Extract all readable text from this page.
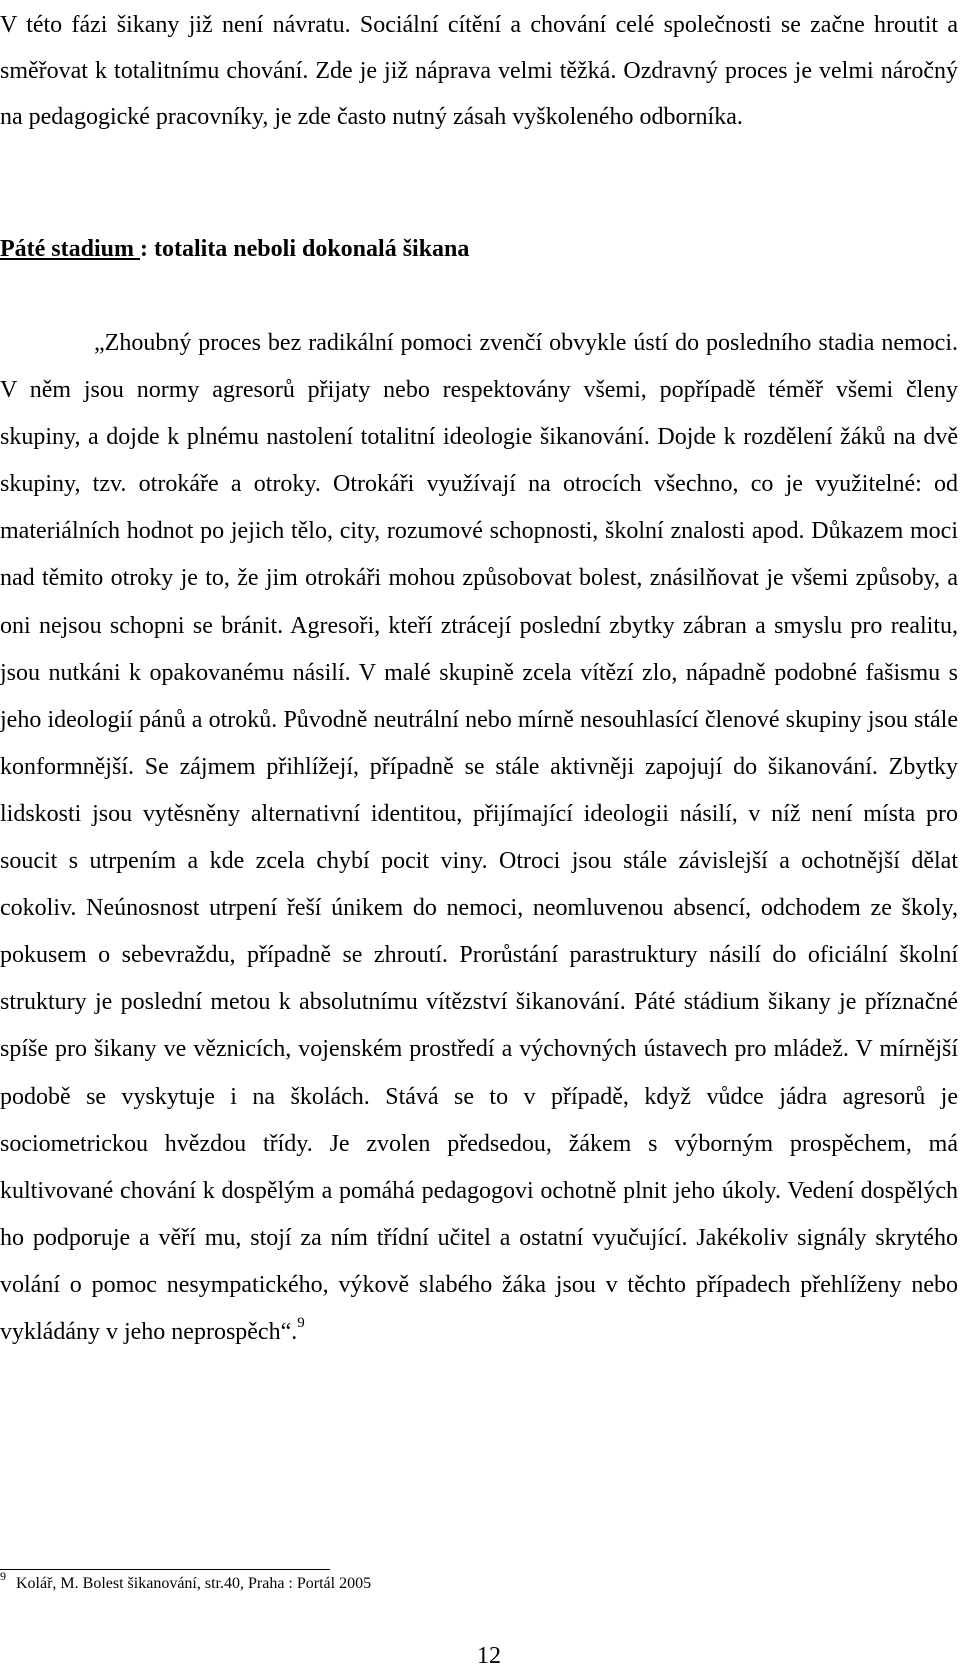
V této fázi šikany již není návratu. Sociální cítění a chování celé společnosti se začne hroutit a směřovat k totalitnímu chování. Zde je již náprava velmi těžká. Ozdravný proces je velmi náročný na pedagogické pracovníky, je zde často nutný zásah vyškoleného odborníka.

Páté stadium : totalita neboli dokonalá šikana

„Zhoubný proces bez radikální pomoci zvenčí obvykle ústí do posledního stadia nemoci. V něm jsou normy agresorů přijaty nebo respektovány všemi, popřípadě téměř všemi členy skupiny, a dojde k plnému nastolení totalitní ideologie šikanování. Dojde k rozdělení žáků na dvě skupiny, tzv. otrokáře a otroky. Otrokáři využívají na otrocích všechno, co je využitelné: od materiálních hodnot po jejich tělo, city, rozumové schopnosti, školní znalosti apod. Důkazem moci nad těmito otroky je to, že jim otrokáři mohou způsobovat bolest, znásilňovat je všemi způsoby, a oni nejsou schopni se bránit. Agresoři, kteří ztrácejí poslední zbytky zábran a smyslu pro realitu, jsou nutkáni k opakovanému násilí. V malé skupině zcela vítězí zlo, nápadně podobné fašismu s jeho ideologií pánů a otroků. Původně neutrální nebo mírně nesouhlasící členové skupiny jsou stále konformnější. Se zájmem přihlížejí, případně se stále aktivněji zapojují do šikanování. Zbytky lidskosti jsou vytěsněny alternativní identitou, přijímající ideologii násilí, v níž není místa pro soucit s utrpením a kde zcela chybí pocit viny. Otroci jsou stále závislejší a ochotnější dělat cokoliv. Neúnosnost utrpení řeší únikem do nemoci, neomluvenou absencí, odchodem ze školy, pokusem o sebevraždu, případně se zhroutí. Prorůstání parastruktury násilí do oficiální školní struktury je poslední metou k absolutnímu vítězství šikanování. Páté stádium šikany je příznačné spíše pro šikany ve věznicích, vojenském prostředí a výchovných ústavech pro mládež. V mírnější podobě se vyskytuje i na školách. Stává se to v případě, když vůdce jádra agresorů je sociometrickou hvězdou třídy. Je zvolen předsedou, žákem s výborným prospěchem, má kultivované chování k dospělým a pomáhá pedagogovi ochotně plnit jeho úkoly. Vedení dospělých ho podporuje a věří mu, stojí za ním třídní učitel a ostatní vyučující. Jakékoliv signály skrytého volání o pomoc nesympatického, výkově slabého žáka jsou v těchto případech přehlíženy nebo vykládány v jeho neprospěch“.$^9$

$^9$ Kolář, M. Bolest šikanování, str.40, Praha : Portál 2005

12
